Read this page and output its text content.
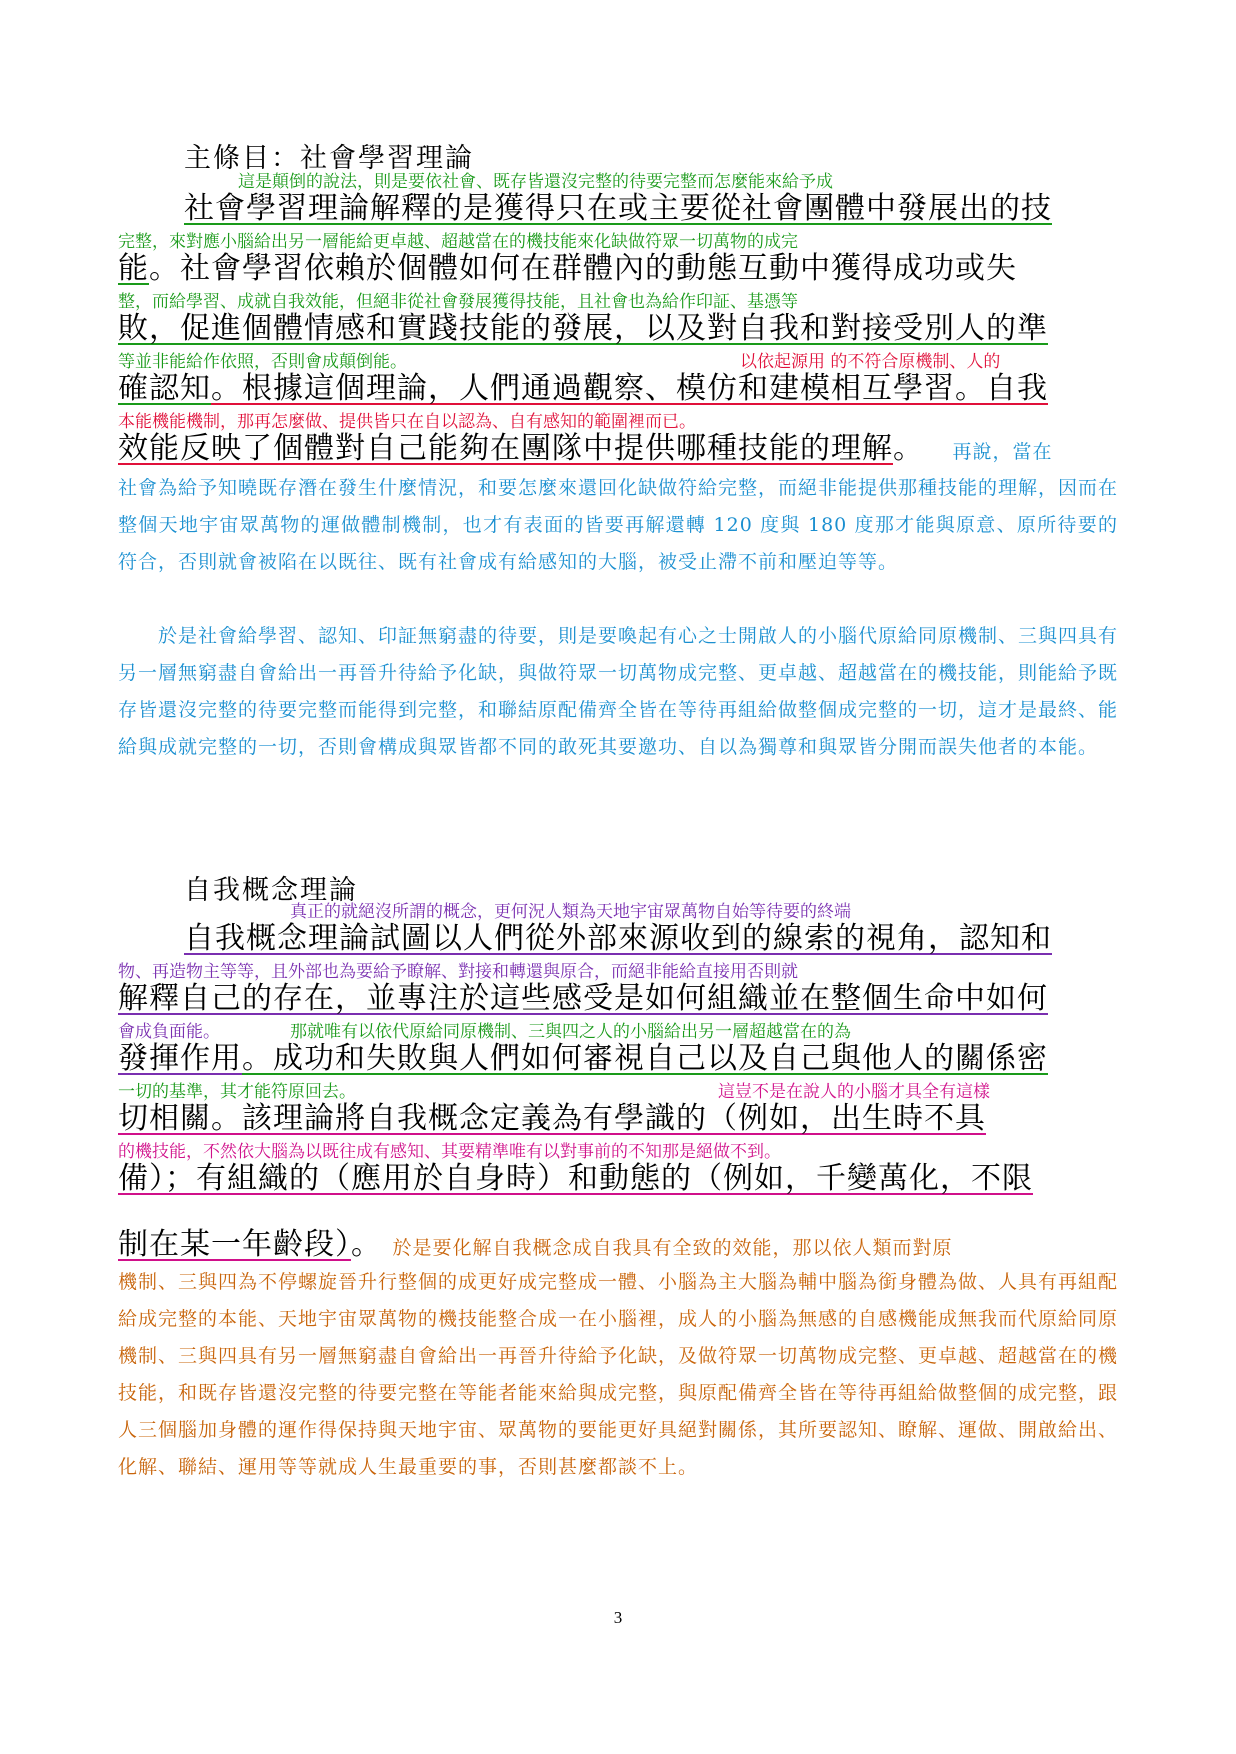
主條目：社會學習理論
這是顛倒的說法，則是要依社會、既存皆還沒完整的待要完整而怎麼能來給予成
社會學習理論解釋的是獲得只在或主要從社會團體中發展出的技
完整，來對應小腦給出另一層能給更卓越、超越當在的機技能來化缺做符眾一切萬物的成完
能。社會學習依賴於個體如何在群體內的動態互動中獲得成功或失
整，而給學習、成就自我效能，但絕非從社會發展獲得技能，且社會也為給作印証、基憑等
敗，促進個體情感和實踐技能的發展，以及對自我和對接受別人的準
等並非能給作依照，否則會成顛倒能。	以依起源用 的不符合原機制、人的
確認知。根據這個理論，人們通過觀察、模仿和建模相互學習。自我
本能機能機制，那再怎麼做、提供皆只在自以認為、自有感知的範圍裡而已。
效能反映了個體對自己能夠在團隊中提供哪種技能的理解。 再說，當在
社會為給予知曉既存潛在發生什麼情況，和要怎麼來還回化缺做符給完整，而絕非能提供那種技能的理解，因而在整個天地宇宙眾萬物的運做體制機制，也才有表面的皆要再解還轉 120 度與 180 度那才能與原意、原所待要的符合，否則就會被陷在以既往、既有社會成有給感知的大腦，被受止滯不前和壓迫等等。
於是社會給學習、認知、印証無窮盡的待要，則是要喚起有心之士開啟人的小腦代原給同原機制、三與四具有另一層無窮盡自會給出一再晉升待給予化缺，與做符眾一切萬物成完整、更卓越、超越當在的機技能，則能給予既存皆還沒完整的待要完整而能得到完整，和聯結原配備齊全皆在等待再組給做整個成完整的一切，這才是最終、能給與成就完整的一切，否則會構成與眾皆都不同的敢死其要邀功、自以為獨尊和與眾皆分開而誤失他者的本能。
自我概念理論
真正的就絕沒所謂的概念，更何況人類為天地宇宙眾萬物自始等待要的終端
自我概念理論試圖以人們從外部來源收到的線索的視角，認知和
物、再造物主等等，且外部也為要給予瞭解、對接和轉還與原合，而絕非能給直接用否則就
解釋自己的存在，並專注於這些感受是如何組織並在整個生命中如何
會成負面能。	那就唯有以依代原給同原機制、三與四之人的小腦給出另一層超越當在的為
發揮作用。成功和失敗與人們如何審視自己以及自己與他人的關係密
一切的基準，其才能符原回去。	這豈不是在說人的小腦才具全有這樣
切相關。該理論將自我概念定義為有學識的（例如，出生時不具
的機技能，不然依大腦為以既往成有感知、其要精準唯有以對事前的不知那是絕做不到。
備）；有組織的（應用於自身時）和動態的（例如，千變萬化，不限
制在某一年齡段）。 於是要化解自我概念成自我具有全致的效能，那以依人類而對原
機制、三與四為不停螺旋晉升行整個的成更好成完整成一體、小腦為主大腦為輔中腦為銜身體為做、人具有再組配給成完整的本能、天地宇宙眾萬物的機技能整合成一在小腦裡，成人的小腦為無感的自感機能成無我而代原給同原機制、三與四具有另一層無窮盡自會給出一再晉升待給予化缺，及做符眾一切萬物成完整、更卓越、超越當在的機技能，和既存皆還沒完整的待要完整在等能者能來給與成完整，與原配備齊全皆在等待再組給做整個的成完整，跟人三個腦加身體的運作得保持與天地宇宙、眾萬物的要能更好具絕對關係，其所要認知、瞭解、運做、開啟給出、化解、聯結、運用等等就成人生最重要的事，否則甚麼都談不上。
3
